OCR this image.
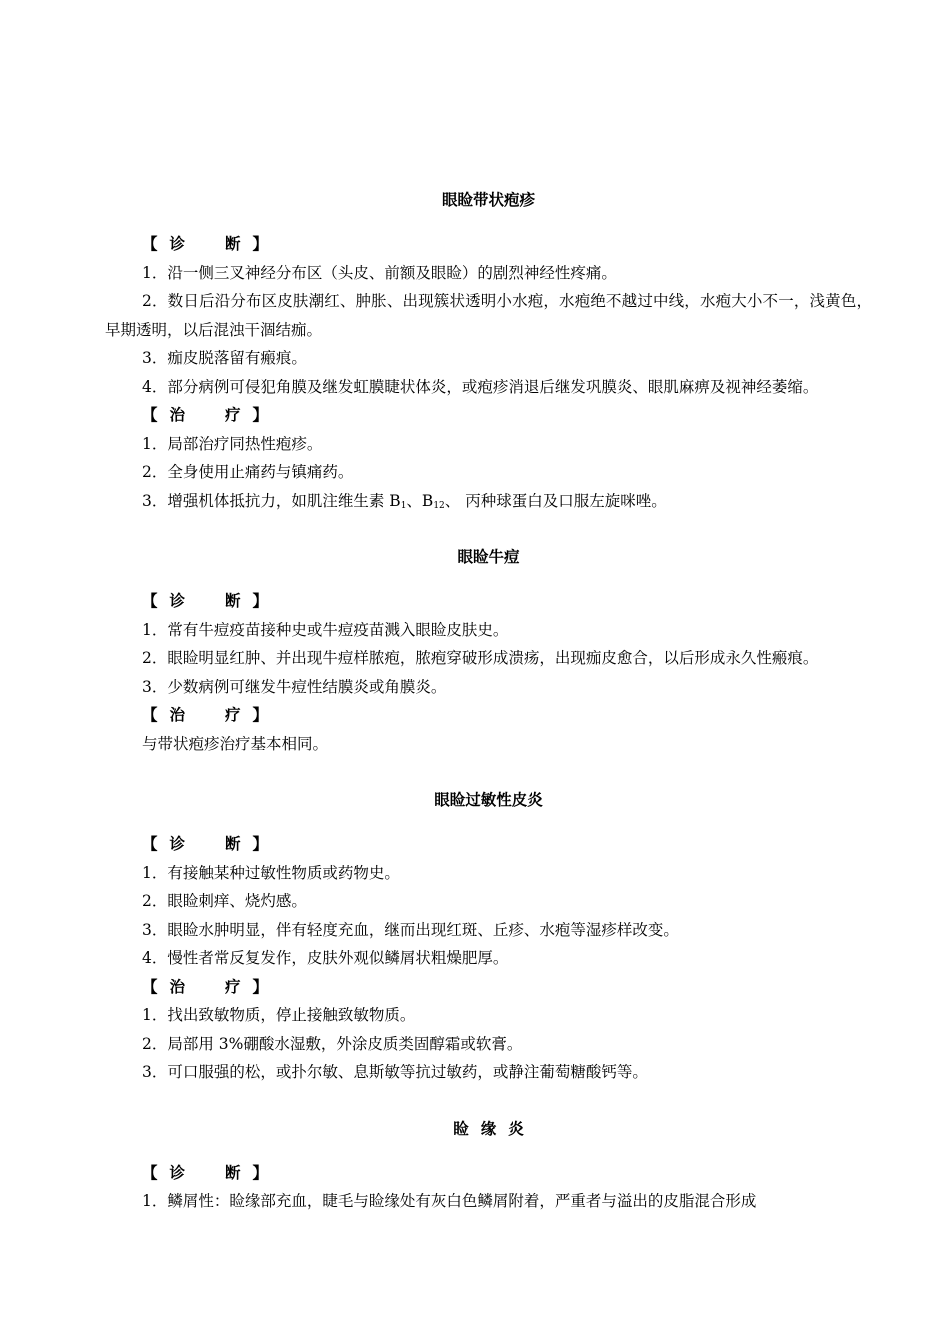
眼睑带状疱疹

【 诊	断 】

1．沿一侧三叉神经分布区（头皮、前额及眼睑）的剧烈神经性疼痛。

2．数日后沿分布区皮肤潮红、肿胀、出现簇状透明小水疱，水疱绝不越过中线，水疱大小不一，浅黄色，早期透明，以后混浊干涸结痂。

3．痂皮脱落留有瘢痕。

4．部分病例可侵犯角膜及继发虹膜睫状体炎，或疱疹消退后继发巩膜炎、眼肌麻痹及视神经萎缩。

【 治	疗 】

1．局部治疗同热性疱疹。

2．全身使用止痛药与镇痛药。

3．增强机体抵抗力，如肌注维生素 $B_1$、$B_{12}$、 丙种球蛋白及口服左旋咪唑。

眼睑牛痘

【 诊	断 】

1．常有牛痘疫苗接种史或牛痘疫苗溅入眼睑皮肤史。

2．眼睑明显红肿、并出现牛痘样脓疱，脓疱穿破形成溃疡，出现痂皮愈合，以后形成永久性瘢痕。

3．少数病例可继发牛痘性结膜炎或角膜炎。

【 治	疗 】

与带状疱疹治疗基本相同。

眼睑过敏性皮炎

【 诊	断 】

1．有接触某种过敏性物质或药物史。

2．眼睑刺痒、烧灼感。

3．眼睑水肿明显，伴有轻度充血，继而出现红斑、丘疹、水疱等湿疹样改变。

4．慢性者常反复发作，皮肤外观似鳞屑状粗燥肥厚。

【 治	疗 】

1．找出致敏物质，停止接触致敏物质。

2．局部用 3%硼酸水湿敷，外涂皮质类固醇霜或软膏。

3．可口服强的松，或扑尔敏、息斯敏等抗过敏药，或静注葡萄糖酸钙等。

睑缘炎

【 诊	断 】

1．鳞屑性：睑缘部充血，睫毛与睑缘处有灰白色鳞屑附着，严重者与溢出的皮脂混合形成
